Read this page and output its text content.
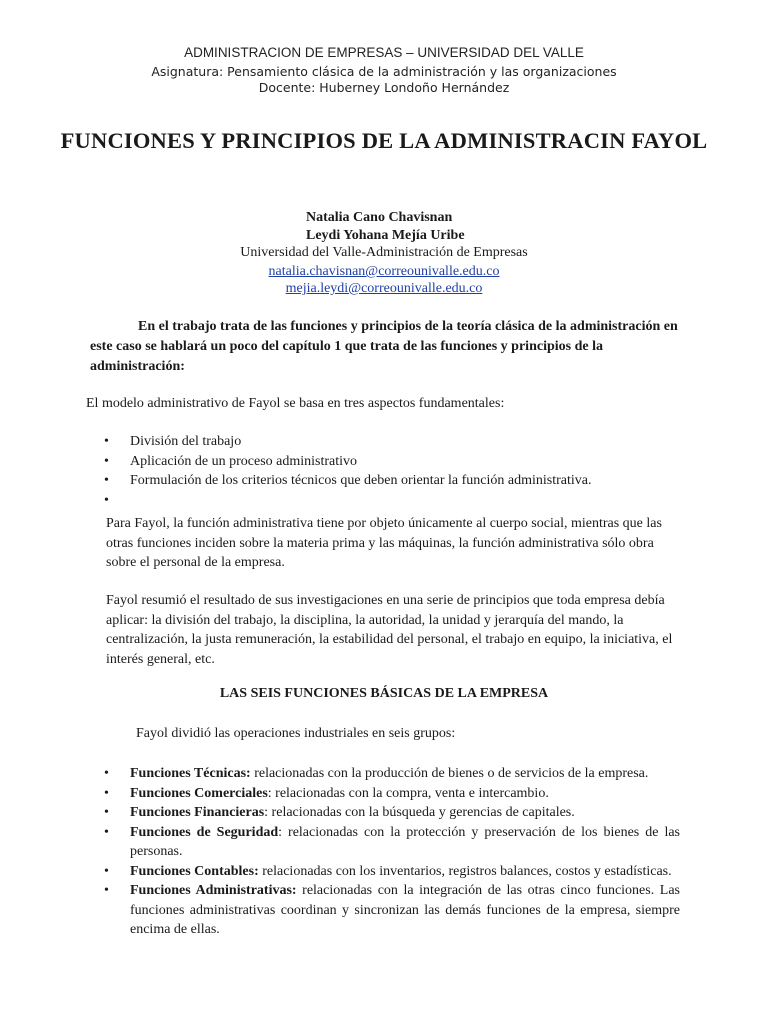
ADMINISTRACION DE EMPRESAS – UNIVERSIDAD DEL VALLE
Asignatura: Pensamiento clásica de la administración y las organizaciones
Docente: Huberney Londoño Hernández
FUNCIONES Y PRINCIPIOS DE LA ADMINISTRACIN FAYOL
Natalia Cano Chavisnan
Leydi Yohana Mejía Uribe
Universidad del Valle-Administración de Empresas
natalia.chavisnan@correounivalle.edu.co
mejia.leydi@correounivalle.edu.co
En el trabajo trata de las funciones y principios de la teoría clásica de la administración en este caso se hablará un poco del capítulo 1 que trata de las funciones y principios de la administración:
El modelo administrativo de Fayol se basa en tres aspectos fundamentales:
• División del trabajo
• Aplicación de un proceso administrativo
• Formulación de los criterios técnicos que deben orientar la función administrativa.
•
Para Fayol, la función administrativa tiene por objeto únicamente al cuerpo social, mientras que las otras funciones inciden sobre la materia prima y las máquinas, la función administrativa sólo obra sobre el personal de la empresa.
Fayol resumió el resultado de sus investigaciones en una serie de principios que toda empresa debía aplicar: la división del trabajo, la disciplina, la autoridad, la unidad y jerarquía del mando, la centralización, la justa remuneración, la estabilidad del personal, el trabajo en equipo, la iniciativa, el interés general, etc.
LAS SEIS FUNCIONES BÁSICAS DE LA EMPRESA
Fayol dividió las operaciones industriales en seis grupos:
• Funciones Técnicas: relacionadas con la producción de bienes o de servicios de la empresa.
• Funciones Comerciales: relacionadas con la compra, venta e intercambio.
• Funciones Financieras: relacionadas con la búsqueda y gerencias de capitales.
• Funciones de Seguridad: relacionadas con la protección y preservación de los bienes de las personas.
• Funciones Contables: relacionadas con los inventarios, registros balances, costos y estadísticas.
• Funciones Administrativas: relacionadas con la integración de las otras cinco funciones. Las funciones administrativas coordinan y sincronizan las demás funciones de la empresa, siempre encima de ellas.
